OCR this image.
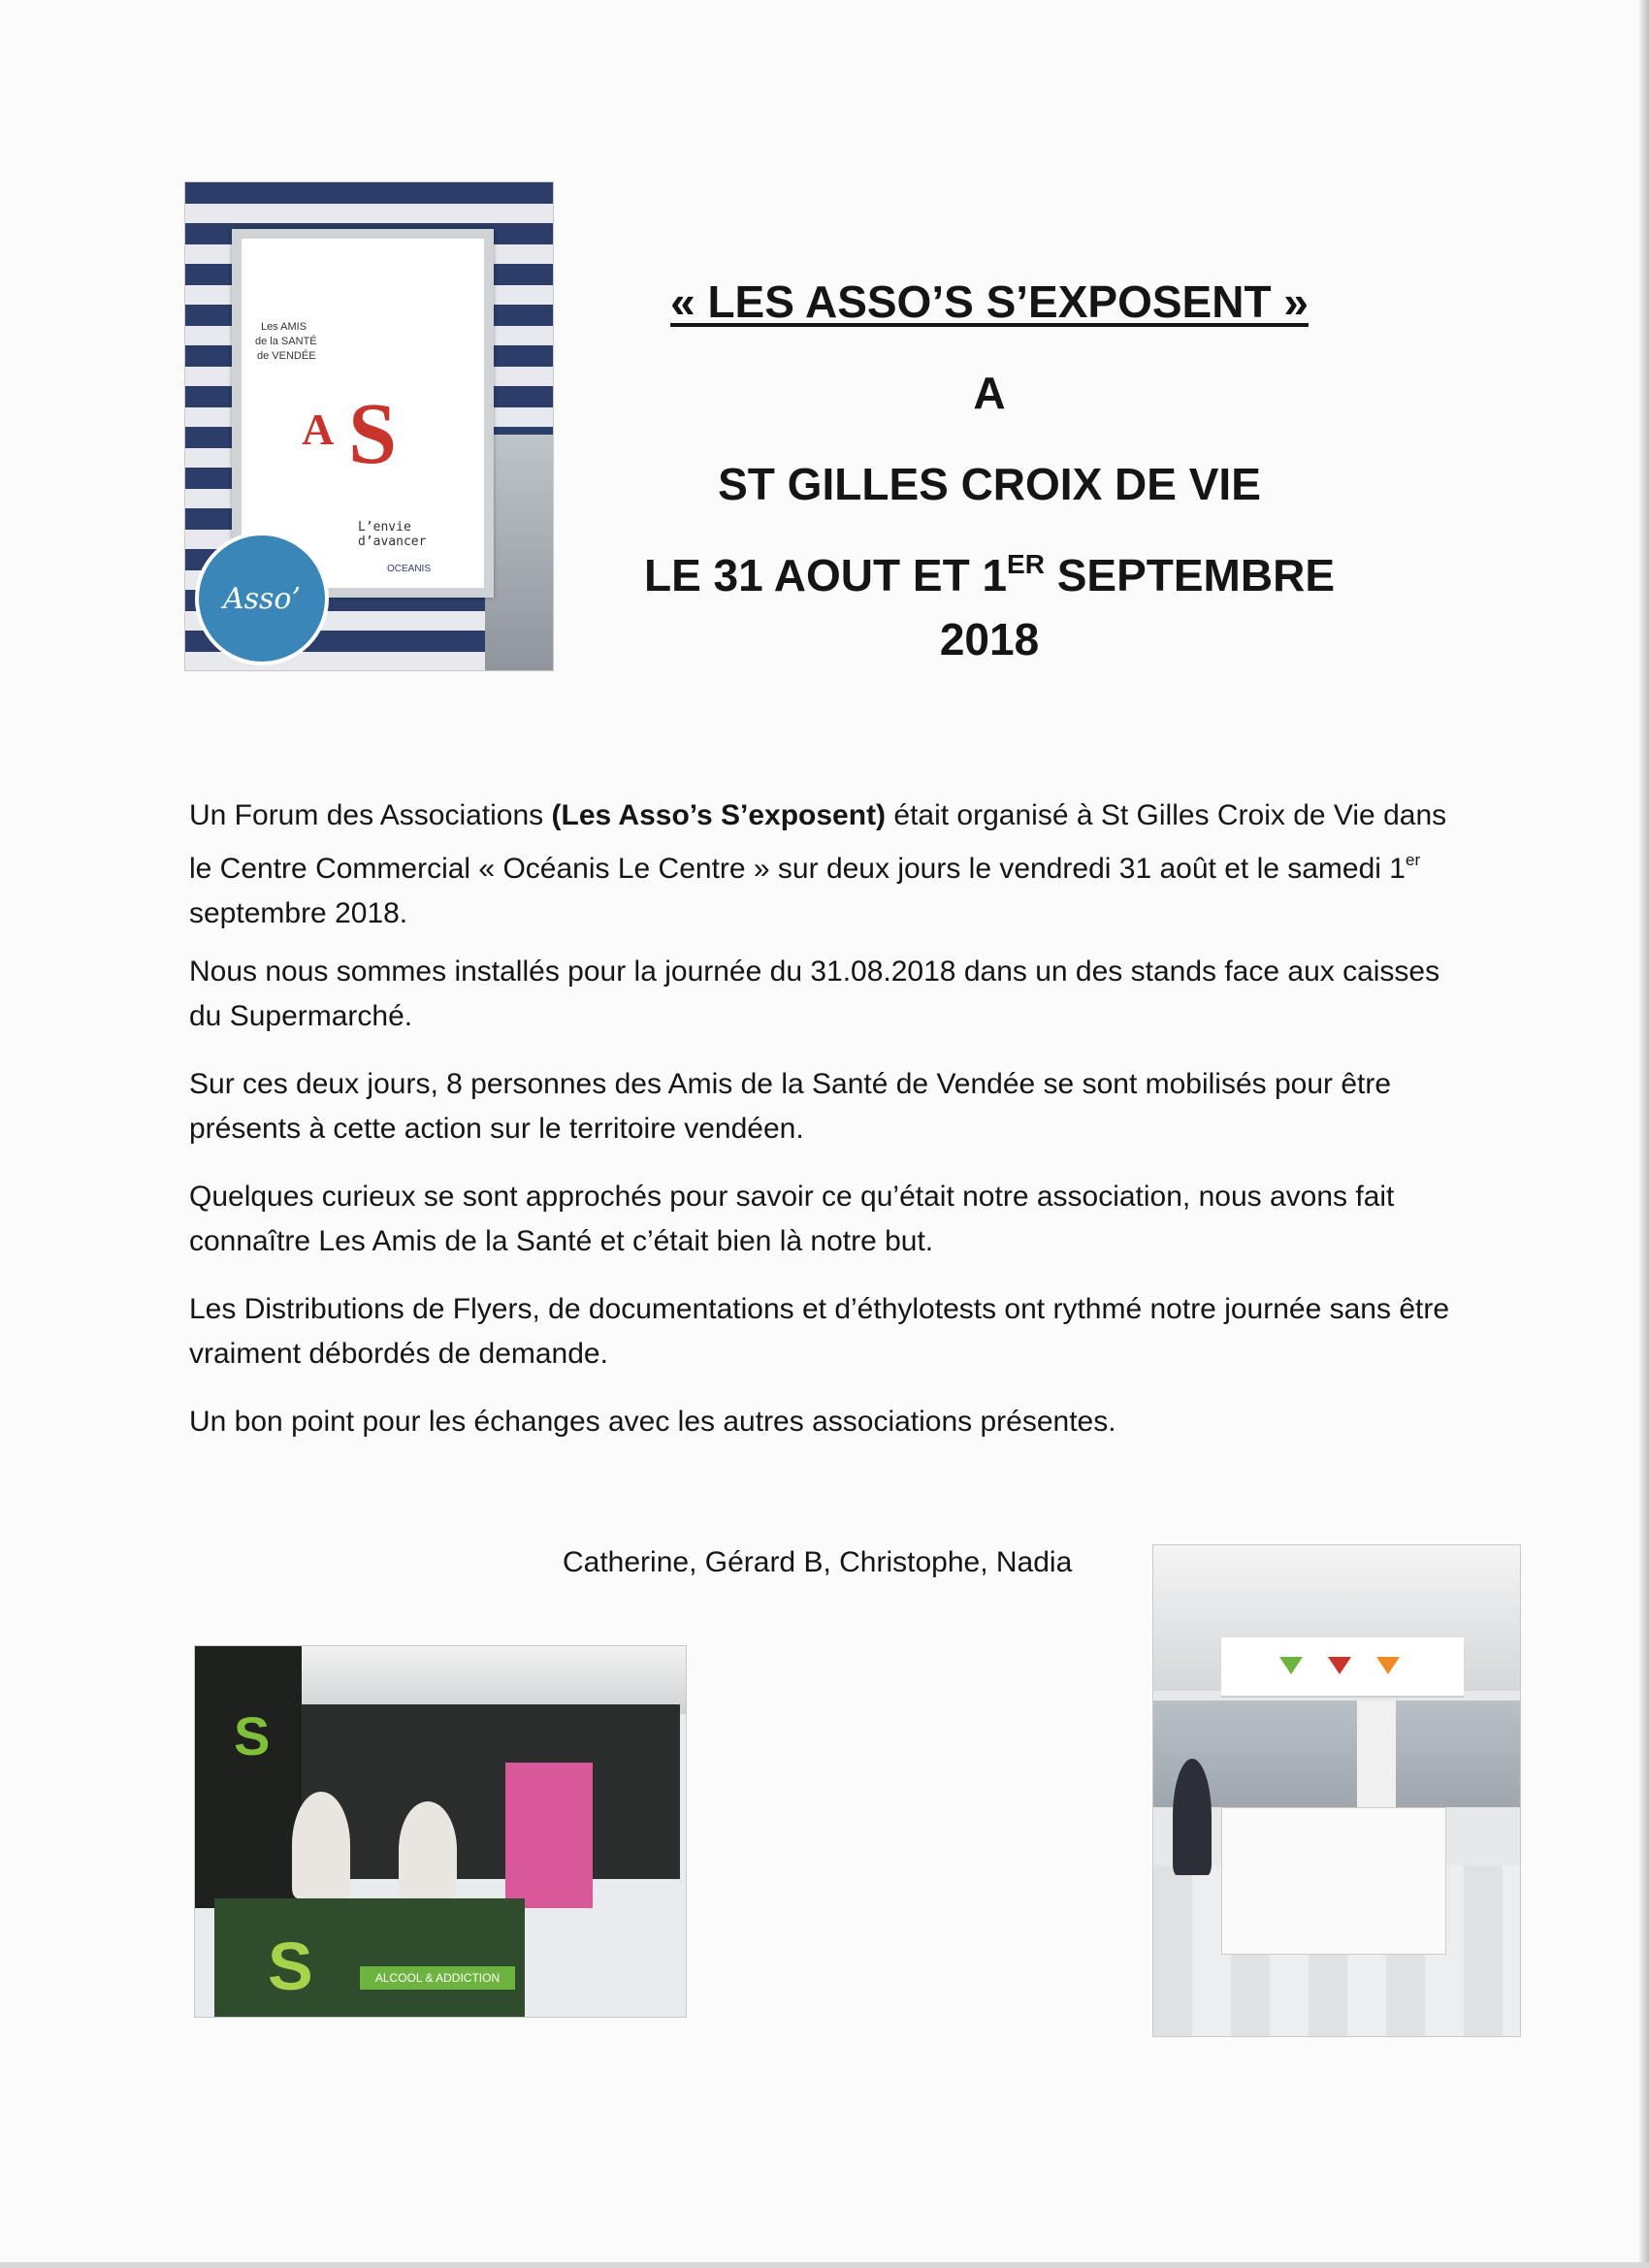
Les AMIS
de la SANTÉ
de VENDÉE
A S
L’envie d’avancer
OCEANIS
Asso’
« LES ASSO’S S’EXPOSENT »
A
ST GILLES CROIX DE VIE
LE 31 AOUT ET 1ER SEPTEMBRE
2018

Un Forum des Associations (Les Asso’s S’exposent) était organisé à St Gilles Croix de Vie dans le Centre Commercial « Océanis Le Centre » sur deux jours le vendredi 31 août et le samedi 1er septembre 2018.

Nous nous sommes installés pour la journée du 31.08.2018 dans un des stands face aux caisses du Supermarché.

Sur ces deux jours, 8 personnes des Amis de la Santé de Vendée se sont mobilisés pour être présents à cette action sur le territoire vendéen.

Quelques curieux se sont approchés pour savoir ce qu’était notre association, nous avons fait connaître Les Amis de la Santé et c’était bien là notre but.

Les Distributions de Flyers, de documentations et d’éthylotests ont rythmé notre journée sans être vraiment débordés de demande.

Un bon point pour les échanges avec les autres associations présentes.

Catherine, Gérard B, Christophe, Nadia

S
S	ALCOOL & ADDICTION
